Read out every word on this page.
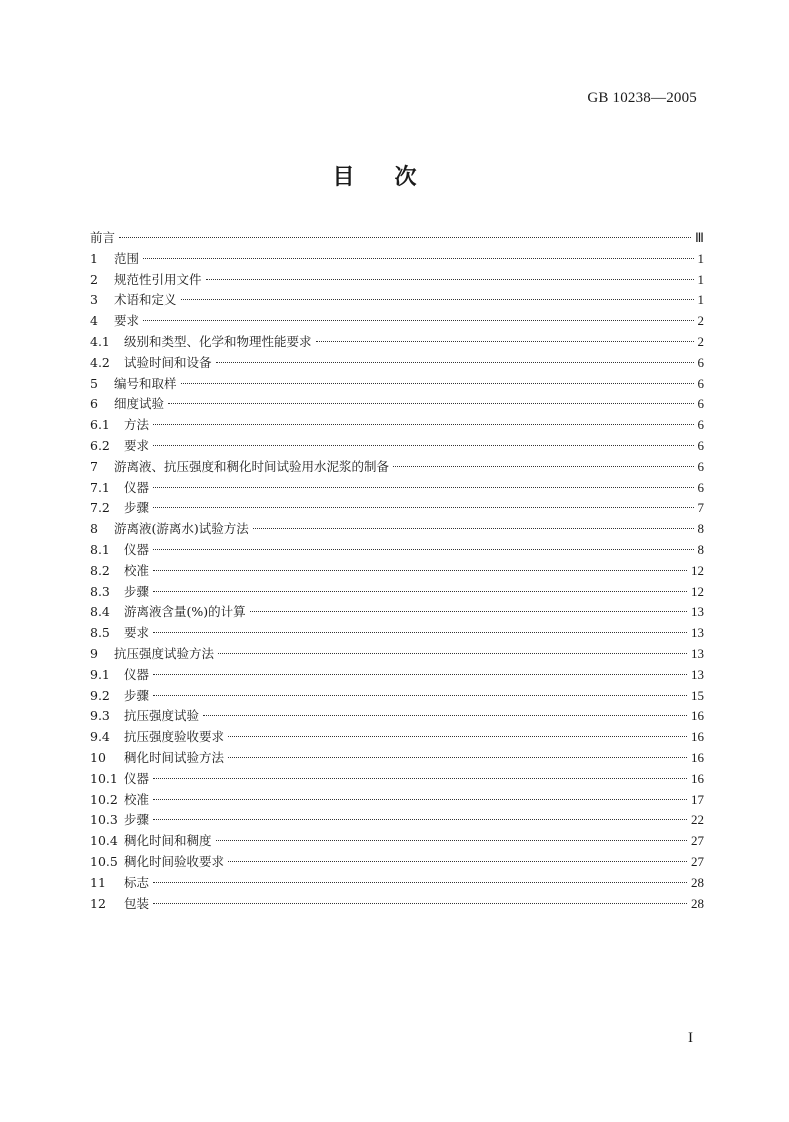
GB 10238—2005
目次
前言	Ⅲ
1	范围	1
2	规范性引用文件	1
3	术语和定义	1
4	要求	2
4.1	级别和类型、化学和物理性能要求	2
4.2	试验时间和设备	6
5	编号和取样	6
6	细度试验	6
6.1	方法	6
6.2	要求	6
7	游离液、抗压强度和稠化时间试验用水泥浆的制备	6
7.1	仪器	6
7.2	步骤	7
8	游离液(游离水)试验方法	8
8.1	仪器	8
8.2	校准	12
8.3	步骤	12
8.4	游离液含量(%)的计算	13
8.5	要求	13
9	抗压强度试验方法	13
9.1	仪器	13
9.2	步骤	15
9.3	抗压强度试验	16
9.4	抗压强度验收要求	16
10	稠化时间试验方法	16
10.1 仪器	16
10.2 校准	17
10.3 步骤	22
10.4 稠化时间和稠度	27
10.5 稠化时间验收要求	27
11	标志	28
12	包装	28
I
